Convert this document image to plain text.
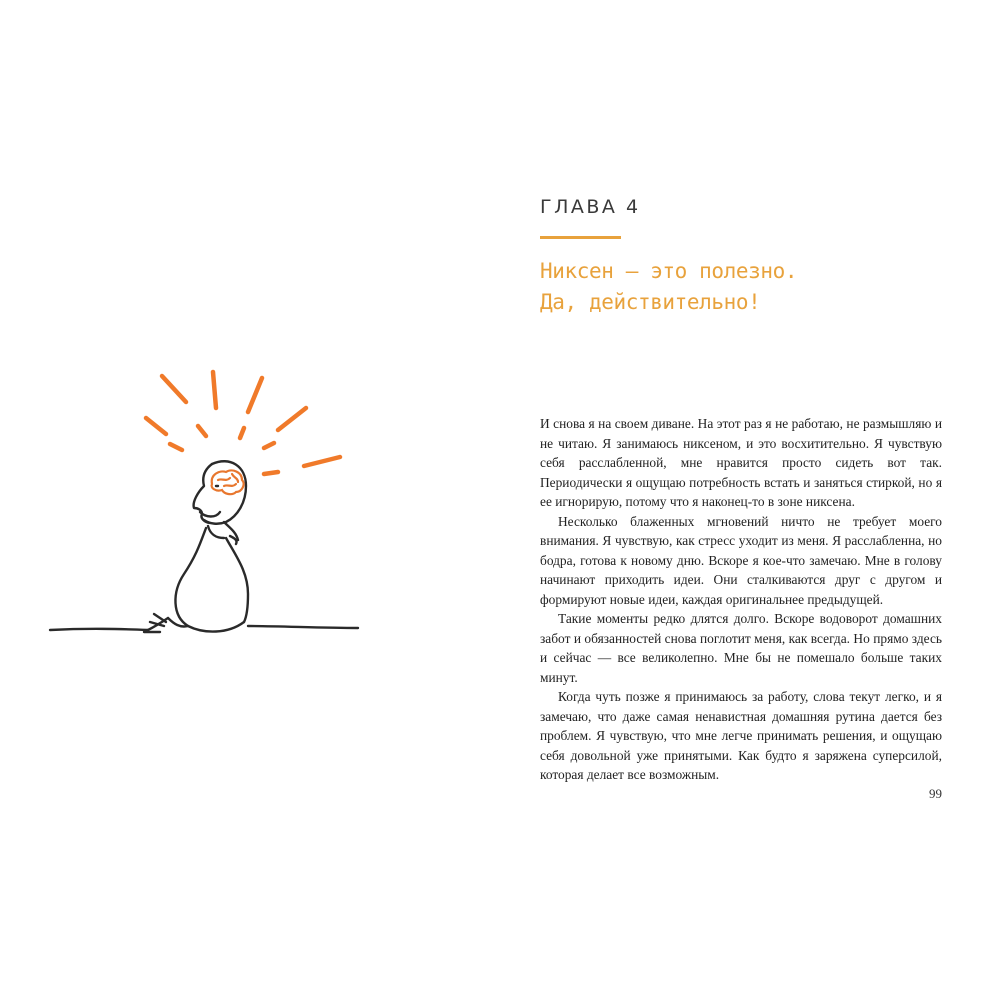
ГЛАВА 4
Никсен — это полезно.
Да, действительно!

И снова я на своем диване. На этот раз я не работаю, не размышляю и не читаю. Я занимаюсь никсеном, и это восхитительно. Я чувствую себя расслабленной, мне нравится просто сидеть вот так. Периодически я ощущаю потребность встать и заняться стиркой, но я ее игнорирую, потому что я наконец-то в зоне никсена.

Несколько блаженных мгновений ничто не требует моего внимания. Я чувствую, как стресс уходит из меня. Я расслабленна, но бодра, готова к новому дню. Вскоре я кое-что замечаю. Мне в голову начинают приходить идеи. Они сталкиваются друг с другом и формируют новые идеи, каждая оригинальнее предыдущей.

Такие моменты редко длятся долго. Вскоре водоворот домашних забот и обязанностей снова поглотит меня, как всегда. Но прямо здесь и сейчас — все великолепно. Мне бы не помешало больше таких минут.

Когда чуть позже я принимаюсь за работу, слова текут легко, и я замечаю, что даже самая ненавистная домашняя рутина дается без проблем. Я чувствую, что мне легче принимать решения, и ощущаю себя довольной уже принятыми. Как будто я заряжена суперсилой, которая делает все возможным.

99
